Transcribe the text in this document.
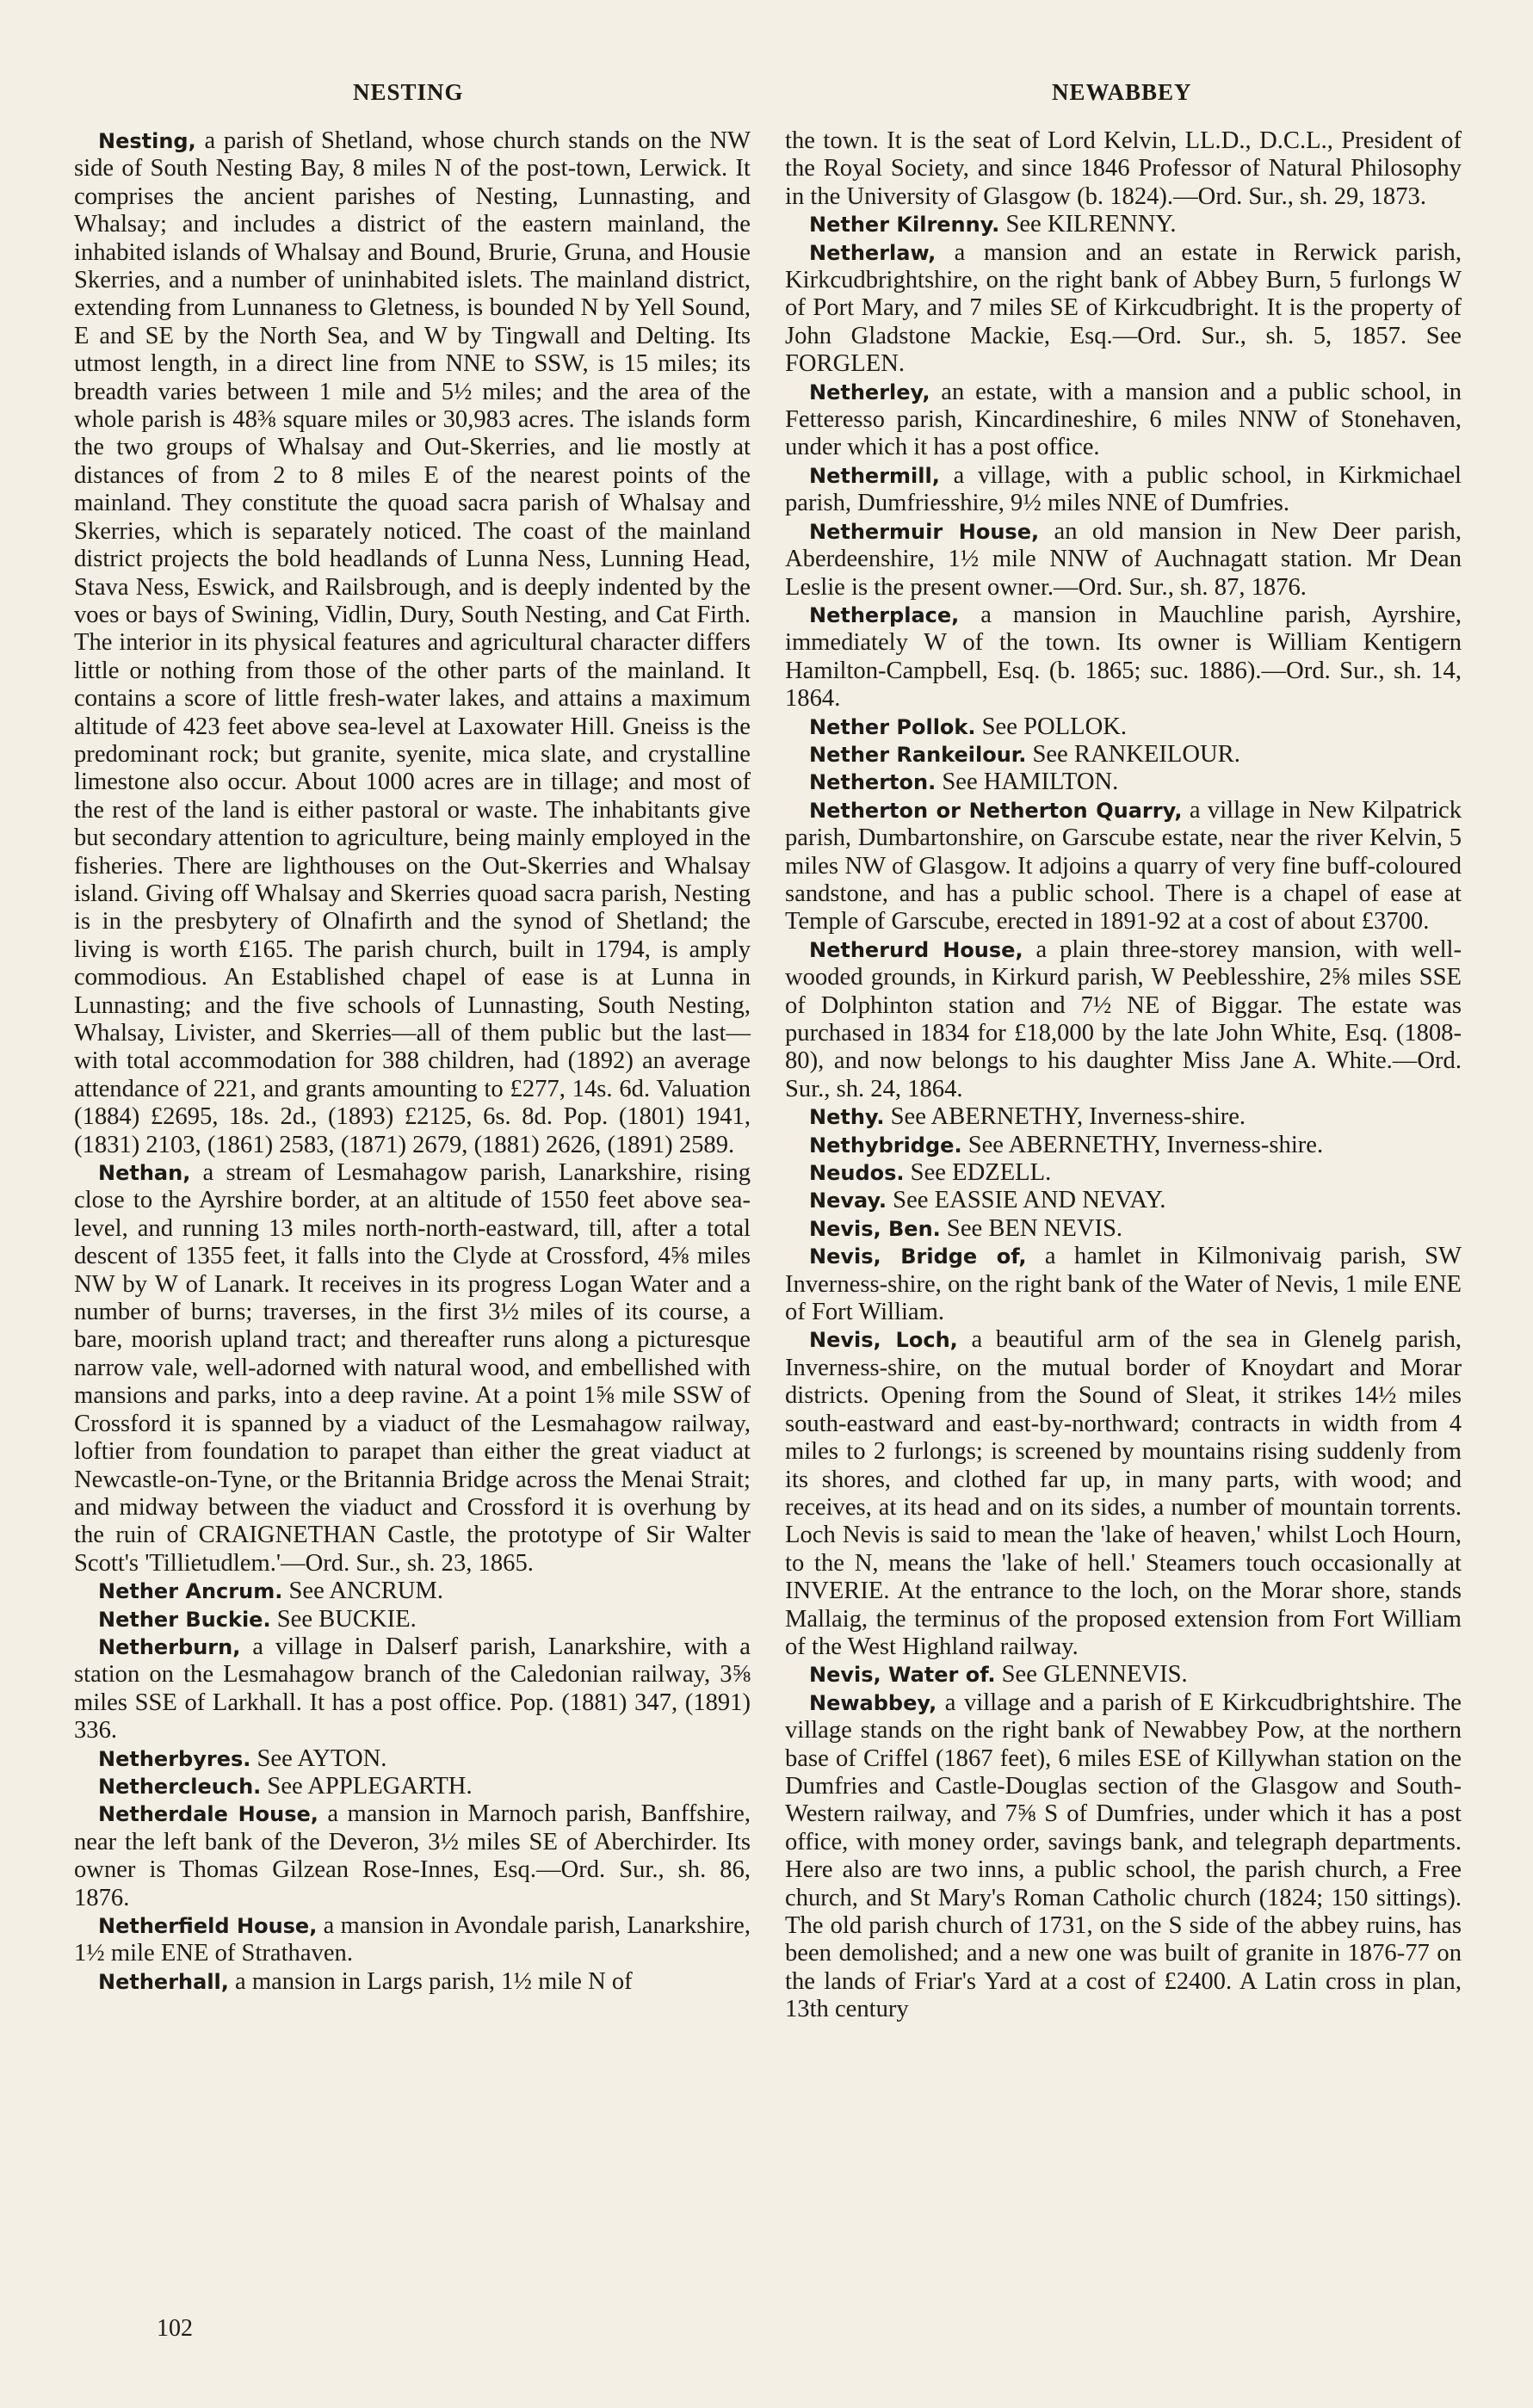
NESTING	NEWABBEY

Nesting, a parish of Shetland, whose church stands on the NW side of South Nesting Bay, 8 miles N of the post-town, Lerwick. It comprises the ancient parishes of Nesting, Lunnasting, and Whalsay; and includes a district of the eastern mainland, the inhabited islands of Whalsay and Bound, Brurie, Gruna, and Housie Skerries, and a number of uninhabited islets. The mainland district, extending from Lunnaness to Gletness, is bounded N by Yell Sound, E and SE by the North Sea, and W by Tingwall and Delting. Its utmost length, in a direct line from NNE to SSW, is 15 miles; its breadth varies between 1 mile and 5½ miles; and the area of the whole parish is 48⅜ square miles or 30,983 acres. The islands form the two groups of Whalsay and Out-Skerries, and lie mostly at distances of from 2 to 8 miles E of the nearest points of the mainland. They constitute the quoad sacra parish of Whalsay and Skerries, which is separately noticed. The coast of the mainland district projects the bold headlands of Lunna Ness, Lunning Head, Stava Ness, Eswick, and Railsbrough, and is deeply indented by the voes or bays of Swining, Vidlin, Dury, South Nesting, and Cat Firth. The interior in its physical features and agricultural character differs little or nothing from those of the other parts of the mainland. It contains a score of little fresh-water lakes, and attains a maximum altitude of 423 feet above sea-level at Laxowater Hill. Gneiss is the predominant rock; but granite, syenite, mica slate, and crystalline limestone also occur. About 1000 acres are in tillage; and most of the rest of the land is either pastoral or waste. The inhabitants give but secondary attention to agriculture, being mainly employed in the fisheries. There are lighthouses on the Out-Skerries and Whalsay island. Giving off Whalsay and Skerries quoad sacra parish, Nesting is in the presbytery of Olnafirth and the synod of Shetland; the living is worth £165. The parish church, built in 1794, is amply commodious. An Established chapel of ease is at Lunna in Lunnasting; and the five schools of Lunnasting, South Nesting, Whalsay, Livister, and Skerries—all of them public but the last—with total accommodation for 388 children, had (1892) an average attendance of 221, and grants amounting to £277, 14s. 6d. Valuation (1884) £2695, 18s. 2d., (1893) £2125, 6s. 8d. Pop. (1801) 1941, (1831) 2103, (1861) 2583, (1871) 2679, (1881) 2626, (1891) 2589.

Nethan, a stream of Lesmahagow parish, Lanarkshire, rising close to the Ayrshire border, at an altitude of 1550 feet above sea-level, and running 13 miles north-north-eastward, till, after a total descent of 1355 feet, it falls into the Clyde at Crossford, 4⅝ miles NW by W of Lanark. It receives in its progress Logan Water and a number of burns; traverses, in the first 3½ miles of its course, a bare, moorish upland tract; and thereafter runs along a picturesque narrow vale, well-adorned with natural wood, and embellished with mansions and parks, into a deep ravine. At a point 1⅝ mile SSW of Crossford it is spanned by a viaduct of the Lesmahagow railway, loftier from foundation to parapet than either the great viaduct at Newcastle-on-Tyne, or the Britannia Bridge across the Menai Strait; and midway between the viaduct and Crossford it is overhung by the ruin of CRAIGNETHAN Castle, the prototype of Sir Walter Scott's 'Tillietudlem.'—Ord. Sur., sh. 23, 1865.

Nether Ancrum. See ANCRUM.

Nether Buckie. See BUCKIE.

Netherburn, a village in Dalserf parish, Lanarkshire, with a station on the Lesmahagow branch of the Caledonian railway, 3⅝ miles SSE of Larkhall. It has a post office. Pop. (1881) 347, (1891) 336.

Netherbyres. See AYTON.

Nethercleuch. See APPLEGARTH.

Netherdale House, a mansion in Marnoch parish, Banffshire, near the left bank of the Deveron, 3½ miles SE of Aberchirder. Its owner is Thomas Gilzean Rose-Innes, Esq.—Ord. Sur., sh. 86, 1876.

Netherfield House, a mansion in Avondale parish, Lanarkshire, 1½ mile ENE of Strathaven.

Netherhall, a mansion in Largs parish, 1½ mile N of

the town. It is the seat of Lord Kelvin, LL.D., D.C.L., President of the Royal Society, and since 1846 Professor of Natural Philosophy in the University of Glasgow (b. 1824).—Ord. Sur., sh. 29, 1873.

Nether Kilrenny. See KILRENNY.

Netherlaw, a mansion and an estate in Rerwick parish, Kirkcudbrightshire, on the right bank of Abbey Burn, 5 furlongs W of Port Mary, and 7 miles SE of Kirkcudbright. It is the property of John Gladstone Mackie, Esq.—Ord. Sur., sh. 5, 1857. See FORGLEN.

Netherley, an estate, with a mansion and a public school, in Fetteresso parish, Kincardineshire, 6 miles NNW of Stonehaven, under which it has a post office.

Nethermill, a village, with a public school, in Kirkmichael parish, Dumfriesshire, 9½ miles NNE of Dumfries.

Nethermuir House, an old mansion in New Deer parish, Aberdeenshire, 1½ mile NNW of Auchnagatt station. Mr Dean Leslie is the present owner.—Ord. Sur., sh. 87, 1876.

Netherplace, a mansion in Mauchline parish, Ayrshire, immediately W of the town. Its owner is William Kentigern Hamilton-Campbell, Esq. (b. 1865; suc. 1886).—Ord. Sur., sh. 14, 1864.

Nether Pollok. See POLLOK.

Nether Rankeilour. See RANKEILOUR.

Netherton. See HAMILTON.

Netherton or Netherton Quarry, a village in New Kilpatrick parish, Dumbartonshire, on Garscube estate, near the river Kelvin, 5 miles NW of Glasgow. It adjoins a quarry of very fine buff-coloured sandstone, and has a public school. There is a chapel of ease at Temple of Garscube, erected in 1891-92 at a cost of about £3700.

Netherurd House, a plain three-storey mansion, with well-wooded grounds, in Kirkurd parish, W Peeblesshire, 2⅝ miles SSE of Dolphinton station and 7½ NE of Biggar. The estate was purchased in 1834 for £18,000 by the late John White, Esq. (1808-80), and now belongs to his daughter Miss Jane A. White.—Ord. Sur., sh. 24, 1864.

Nethy. See ABERNETHY, Inverness-shire.

Nethybridge. See ABERNETHY, Inverness-shire.

Neudos. See EDZELL.

Nevay. See EASSIE AND NEVAY.

Nevis, Ben. See BEN NEVIS.

Nevis, Bridge of, a hamlet in Kilmonivaig parish, SW Inverness-shire, on the right bank of the Water of Nevis, 1 mile ENE of Fort William.

Nevis, Loch, a beautiful arm of the sea in Glenelg parish, Inverness-shire, on the mutual border of Knoydart and Morar districts. Opening from the Sound of Sleat, it strikes 14½ miles south-eastward and east-by-northward; contracts in width from 4 miles to 2 furlongs; is screened by mountains rising suddenly from its shores, and clothed far up, in many parts, with wood; and receives, at its head and on its sides, a number of mountain torrents. Loch Nevis is said to mean the 'lake of heaven,' whilst Loch Hourn, to the N, means the 'lake of hell.' Steamers touch occasionally at INVERIE. At the entrance to the loch, on the Morar shore, stands Mallaig, the terminus of the proposed extension from Fort William of the West Highland railway.

Nevis, Water of. See GLENNEVIS.

Newabbey, a village and a parish of E Kirkcudbrightshire. The village stands on the right bank of Newabbey Pow, at the northern base of Criffel (1867 feet), 6 miles ESE of Killywhan station on the Dumfries and Castle-Douglas section of the Glasgow and South-Western railway, and 7⅝ S of Dumfries, under which it has a post office, with money order, savings bank, and telegraph departments. Here also are two inns, a public school, the parish church, a Free church, and St Mary's Roman Catholic church (1824; 150 sittings). The old parish church of 1731, on the S side of the abbey ruins, has been demolished; and a new one was built of granite in 1876-77 on the lands of Friar's Yard at a cost of £2400. A Latin cross in plan, 13th century

102
